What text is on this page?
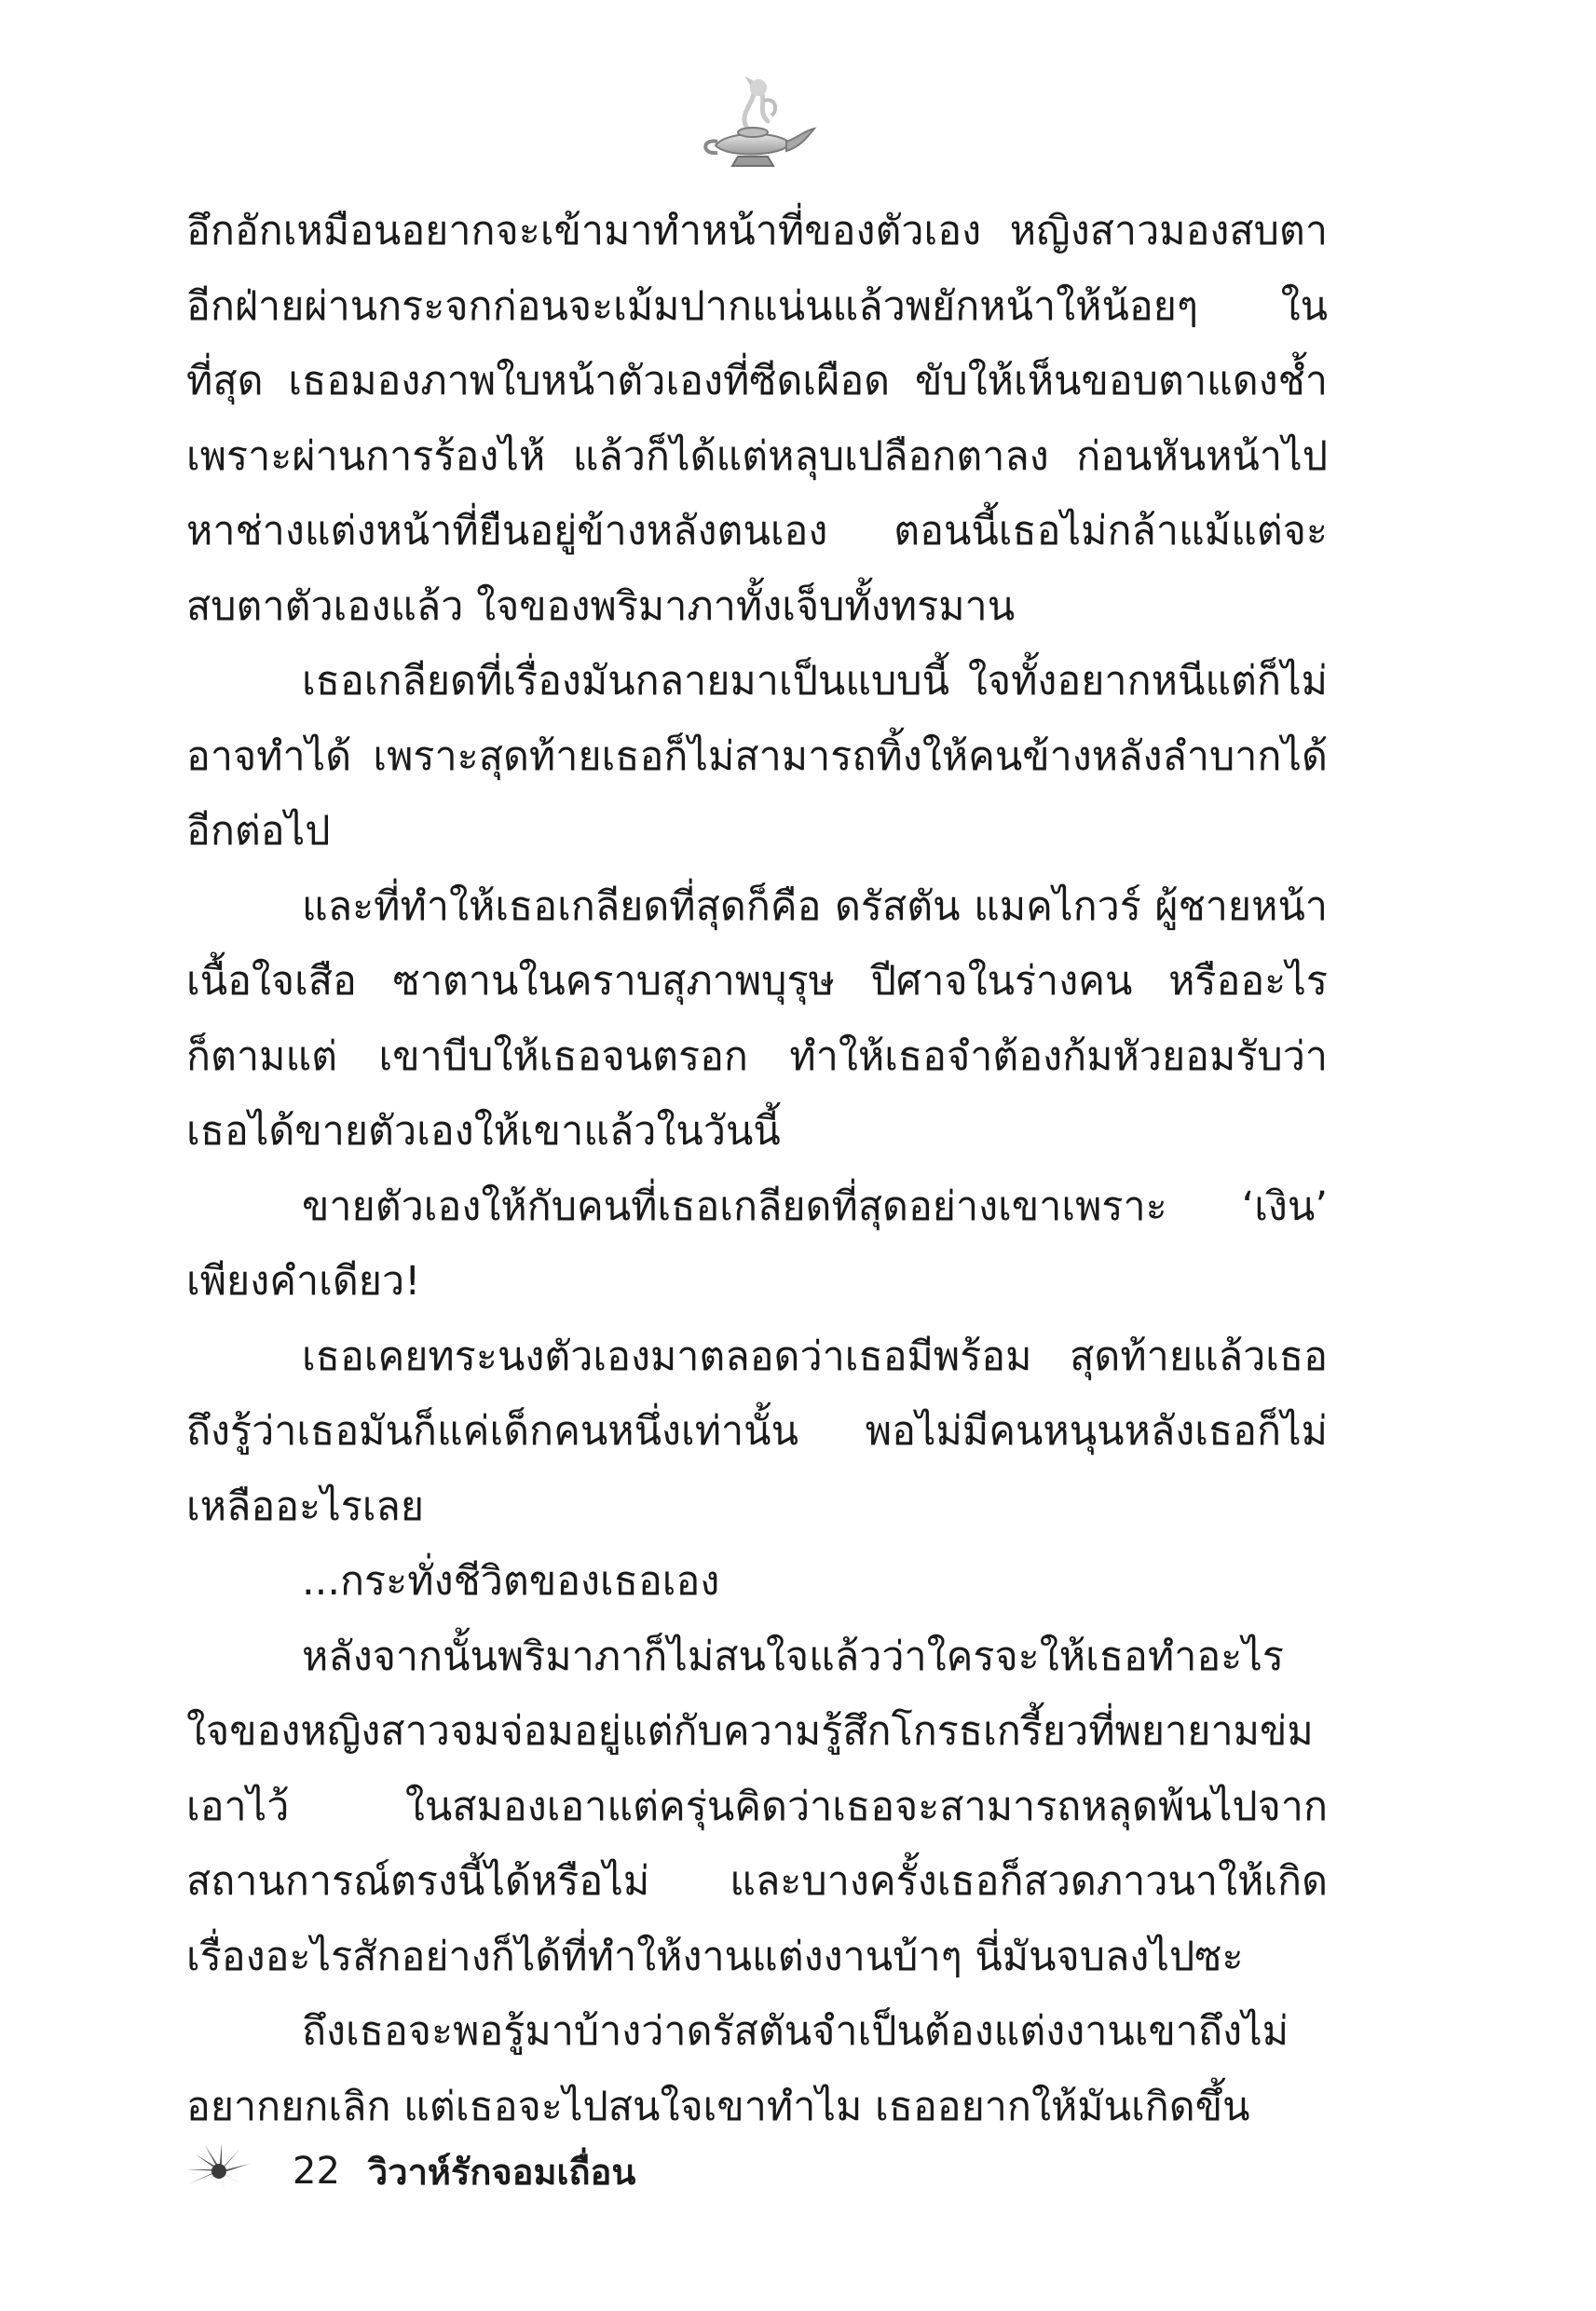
อึกอักเหมือนอยากจะเข้ามาทำหน้าที่ของตัวเอง หญิงสาวมองสบตาอีกฝ่ายผ่านกระจกก่อนจะเม้มปากแน่นแล้วพยักหน้าให้น้อยๆ ในที่สุด เธอมองภาพใบหน้าตัวเองที่ซีดเผือด ขับให้เห็นขอบตาแดงช้ำเพราะผ่านการร้องไห้ แล้วก็ได้แต่หลุบเปลือกตาลง ก่อนหันหน้าไปหาช่างแต่งหน้าที่ยืนอยู่ข้างหลังตนเอง ตอนนี้เธอไม่กล้าแม้แต่จะสบตาตัวเองแล้ว ใจของพริมาภาทั้งเจ็บทั้งทรมาน

เธอเกลียดที่เรื่องมันกลายมาเป็นแบบนี้ ใจทั้งอยากหนีแต่ก็ไม่อาจทำได้ เพราะสุดท้ายเธอก็ไม่สามารถทิ้งให้คนข้างหลังลำบากได้อีกต่อไป

และที่ทำให้เธอเกลียดที่สุดก็คือ ดรัสตัน แมคไกวร์ ผู้ชายหน้าเนื้อใจเสือ ซาตานในคราบสุภาพบุรุษ ปีศาจในร่างคน หรืออะไรก็ตามแต่ เขาบีบให้เธอจนตรอก ทำให้เธอจำต้องก้มหัวยอมรับว่าเธอได้ขายตัวเองให้เขาแล้วในวันนี้

ขายตัวเองให้กับคนที่เธอเกลียดที่สุดอย่างเขาเพราะ ‘เงิน’ เพียงคำเดียว!

เธอเคยทระนงตัวเองมาตลอดว่าเธอมีพร้อม สุดท้ายแล้วเธอถึงรู้ว่าเธอมันก็แค่เด็กคนหนึ่งเท่านั้น พอไม่มีคนหนุนหลังเธอก็ไม่เหลืออะไรเลย

...กระทั่งชีวิตของเธอเอง

หลังจากนั้นพริมาภาก็ไม่สนใจแล้วว่าใครจะให้เธอทำอะไร ใจของหญิงสาวจมจ่อมอยู่แต่กับความรู้สึกโกรธเกรี้ยวที่พยายามข่มเอาไว้ ในสมองเอาแต่ครุ่นคิดว่าเธอจะสามารถหลุดพ้นไปจากสถานการณ์ตรงนี้ได้หรือไม่ และบางครั้งเธอก็สวดภาวนาให้เกิดเรื่องอะไรสักอย่างก็ได้ที่ทำให้งานแต่งงานบ้าๆ นี่มันจบลงไปซะ

ถึงเธอจะพอรู้มาบ้างว่าดรัสตันจำเป็นต้องแต่งงานเขาถึงไม่อยากยกเลิก แต่เธอจะไปสนใจเขาทำไม เธออยากให้มันเกิดขึ้น

22 วิวาห์รักจอมเถื่อน
